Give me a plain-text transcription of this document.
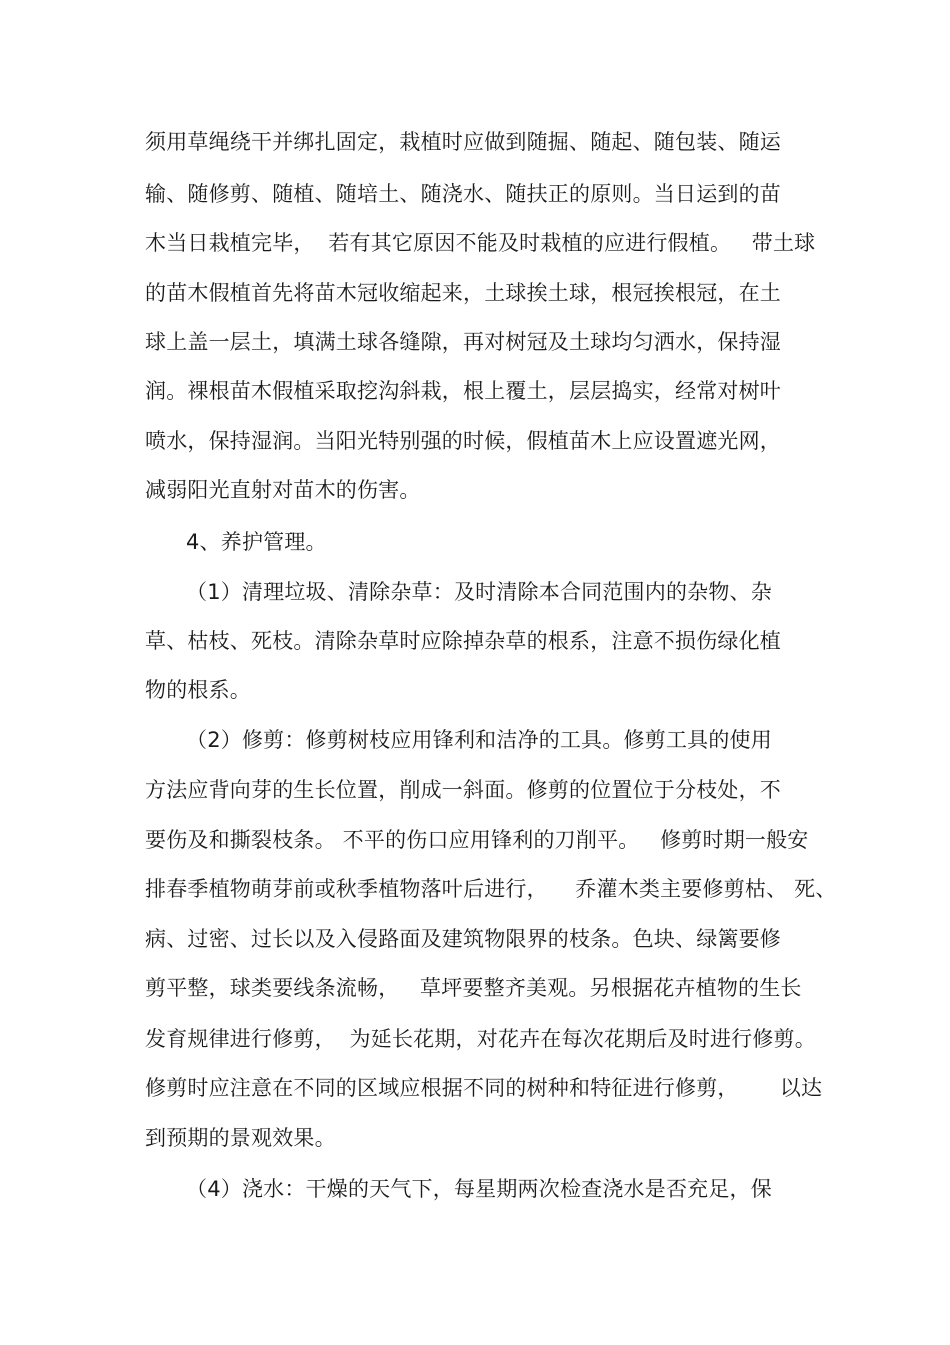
须用草绳绕干并绑扎固定，栽植时应做到随掘、随起、随包装、随运
输、随修剪、随植、随培土、随浇水、随扶正的原则。当日运到的苗
木当日栽植完毕，  若有其它原因不能及时栽植的应进行假植。   带土球
的苗木假植首先将苗木冠收缩起来，土球挨土球，根冠挨根冠，在土
球上盖一层土，填满土球各缝隙，再对树冠及土球均匀洒水，保持湿
润。裸根苗木假植采取挖沟斜栽，根上覆土，层层捣实，经常对树叶
喷水，保持湿润。当阳光特别强的时候，假植苗木上应设置遮光网，
减弱阳光直射对苗木的伤害。
4、养护管理。
（1）清理垃圾、清除杂草：及时清除本合同范围内的杂物、杂
草、枯枝、死枝。清除杂草时应除掉杂草的根系，注意不损伤绿化植
物的根系。
（2）修剪：修剪树枝应用锋利和洁净的工具。修剪工具的使用
方法应背向芽的生长位置，削成一斜面。修剪的位置位于分枝处，不
要伤及和撕裂枝条。 不平的伤口应用锋利的刀削平。   修剪时期一般安
排春季植物萌芽前或秋季植物落叶后进行，    乔灌木类主要修剪枯、 死、
病、过密、过长以及入侵路面及建筑物限界的枝条。色块、绿篱要修
剪平整，球类要线条流畅，   草坪要整齐美观。另根据花卉植物的生长
发育规律进行修剪，  为延长花期，对花卉在每次花期后及时进行修剪。
修剪时应注意在不同的区域应根据不同的树种和特征进行修剪，      以达
到预期的景观效果。
（4）浇水：干燥的天气下，每星期两次检查浇水是否充足，保
